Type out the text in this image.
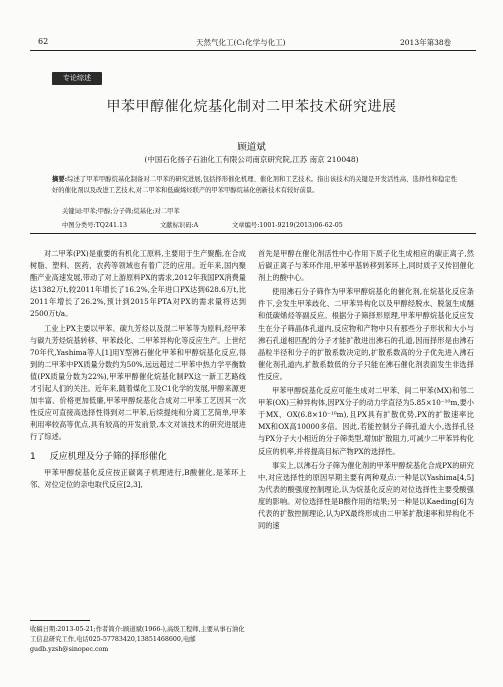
62	天然气化工(C₁化学与化工)	2013年第38卷
专论综述
甲苯甲醇催化烷基化制对二甲苯技术研究进展
顾道斌
(中国石化扬子石油化工有限公司南京研究院,江苏 南京 210048)
摘要:综述了甲苯甲醇烷基化制备对二甲苯的研究进展,包括择形催化机理、催化剂和工艺技术。指出该技术的关键是开发活性高、选择性和稳定性好的催化剂以及改进工艺技术,对二甲苯和低碳烯烃联产的甲苯甲醇烷基化创新技术有较好前景。
关键词:甲苯;甲醇;分子筛;烷基化;对二甲苯
中图分类号:TQ241.13	文献标识码:A	文章编号:1001-9219(2013)06-62-05

对二甲苯(PX)是重要的有机化工原料,主要用于生产聚酯,在合成树脂、塑料、医药、农药等领域也有着广泛的应用。近年来,国内聚酯产业高速发展,带动了对上游原料PX的需求,2012年我国PX消费量达1382万t,较2011年增长了16.2%,全年进口PX达到628.6万t,比2011年增长了26.2%,预计到2015年PTA对PX的需求量将达到2500万t/a。

工业上PX主要以甲苯、碳九芳烃以及混二甲苯等为原料,经甲苯与碳九芳烃烷基转移、甲苯歧化、二甲苯异构化等反应生产。上世纪70年代,Yashima等人[1]用Y型沸石催化甲苯和甲醇烷基化反应,得到的二甲苯中PX质量分数约为50%,远远超过二甲苯中热力学平衡数值(PX质量分数为22%),甲苯甲醇催化烷基化制PX这一新工艺路线才引起人们的关注。近年来,随着煤化工及C1化学的发展,甲醇来源更加丰富、价格更加低廉,甲苯甲醇烷基化合成对二甲苯工艺因其一次性反应可直接高选择性得到对二甲苯,后续提纯和分离工艺简单,甲苯利用率较高等优点,具有较高的开发前景,本文对该技术的研究进展进行了综述。

1 反应机理及分子筛的择形催化

甲苯甲醇烷基化反应按正碳离子机理进行,B酸催化,是苯环上邻、对位定位的亲电取代反应[2,3],

首先是甲醇在催化剂活性中心作用下质子化生成相应的碳正离子,然后碳正离子与苯环作用,甲苯甲基转移到苯环上,同时质子又传回催化剂上的酸中心。

使用沸石分子筛作为甲苯甲醇烷基化的催化剂,在烷基化反应条件下,会发生甲苯歧化、二甲苯异构化以及甲醇经脱水、脱氢生成醚和低碳烯烃等副反应。根据分子筛择形原理,甲苯甲醇烷基化反应发生在分子筛晶体孔道内,反应物和产物中只有那些分子形状和大小与沸石孔道相匹配的分子才能扩散进出沸石的孔道,因而择形是由沸石晶粒半径和分子的扩散系数决定的,扩散系数高的分子优先进入沸石催化剂孔道内,扩散系数低的分子只能在沸石催化剂表面发生非选择性反应。

甲苯甲醇烷基化反应可能生成对二甲苯、间二甲苯(MX)和邻二甲苯(OX)三种异构体,因PX分子的动力学直径为5.85×10⁻¹⁰m,要小于MX、OX(6.8×10⁻¹⁰m),且PX具有扩散优势,PX的扩散速率比MX和OX高10000多倍。因此,若能控制分子筛孔道大小,选择孔径与PX分子大小相近的分子筛类型,增加扩散阻力,可减少二甲苯异构化反应的机率,并将提高目标产物PX的选择性。

事实上,以沸石分子筛为催化剂的甲苯甲醇烷基化合成PX的研究中,对应选择性的原因早期主要有两种观点:一种是以Yashima[4,5]为代表的酸强度控制理论,认为烷基化反应的对位选择性主要受酸强度的影响。对位选择性是B酸作用的结果;另一种是以Kaeding[6]为代表的扩散控制理论,认为PX最终形成由二甲苯扩散速率和异构化不同的速

收稿日期:2013-05-21;作者简介:顾道斌(1966-),高级工程师,主要从事石油化工信息研究工作,电话025-57783420,13851468600,电邮gudb.yzsh@sinopec.com
